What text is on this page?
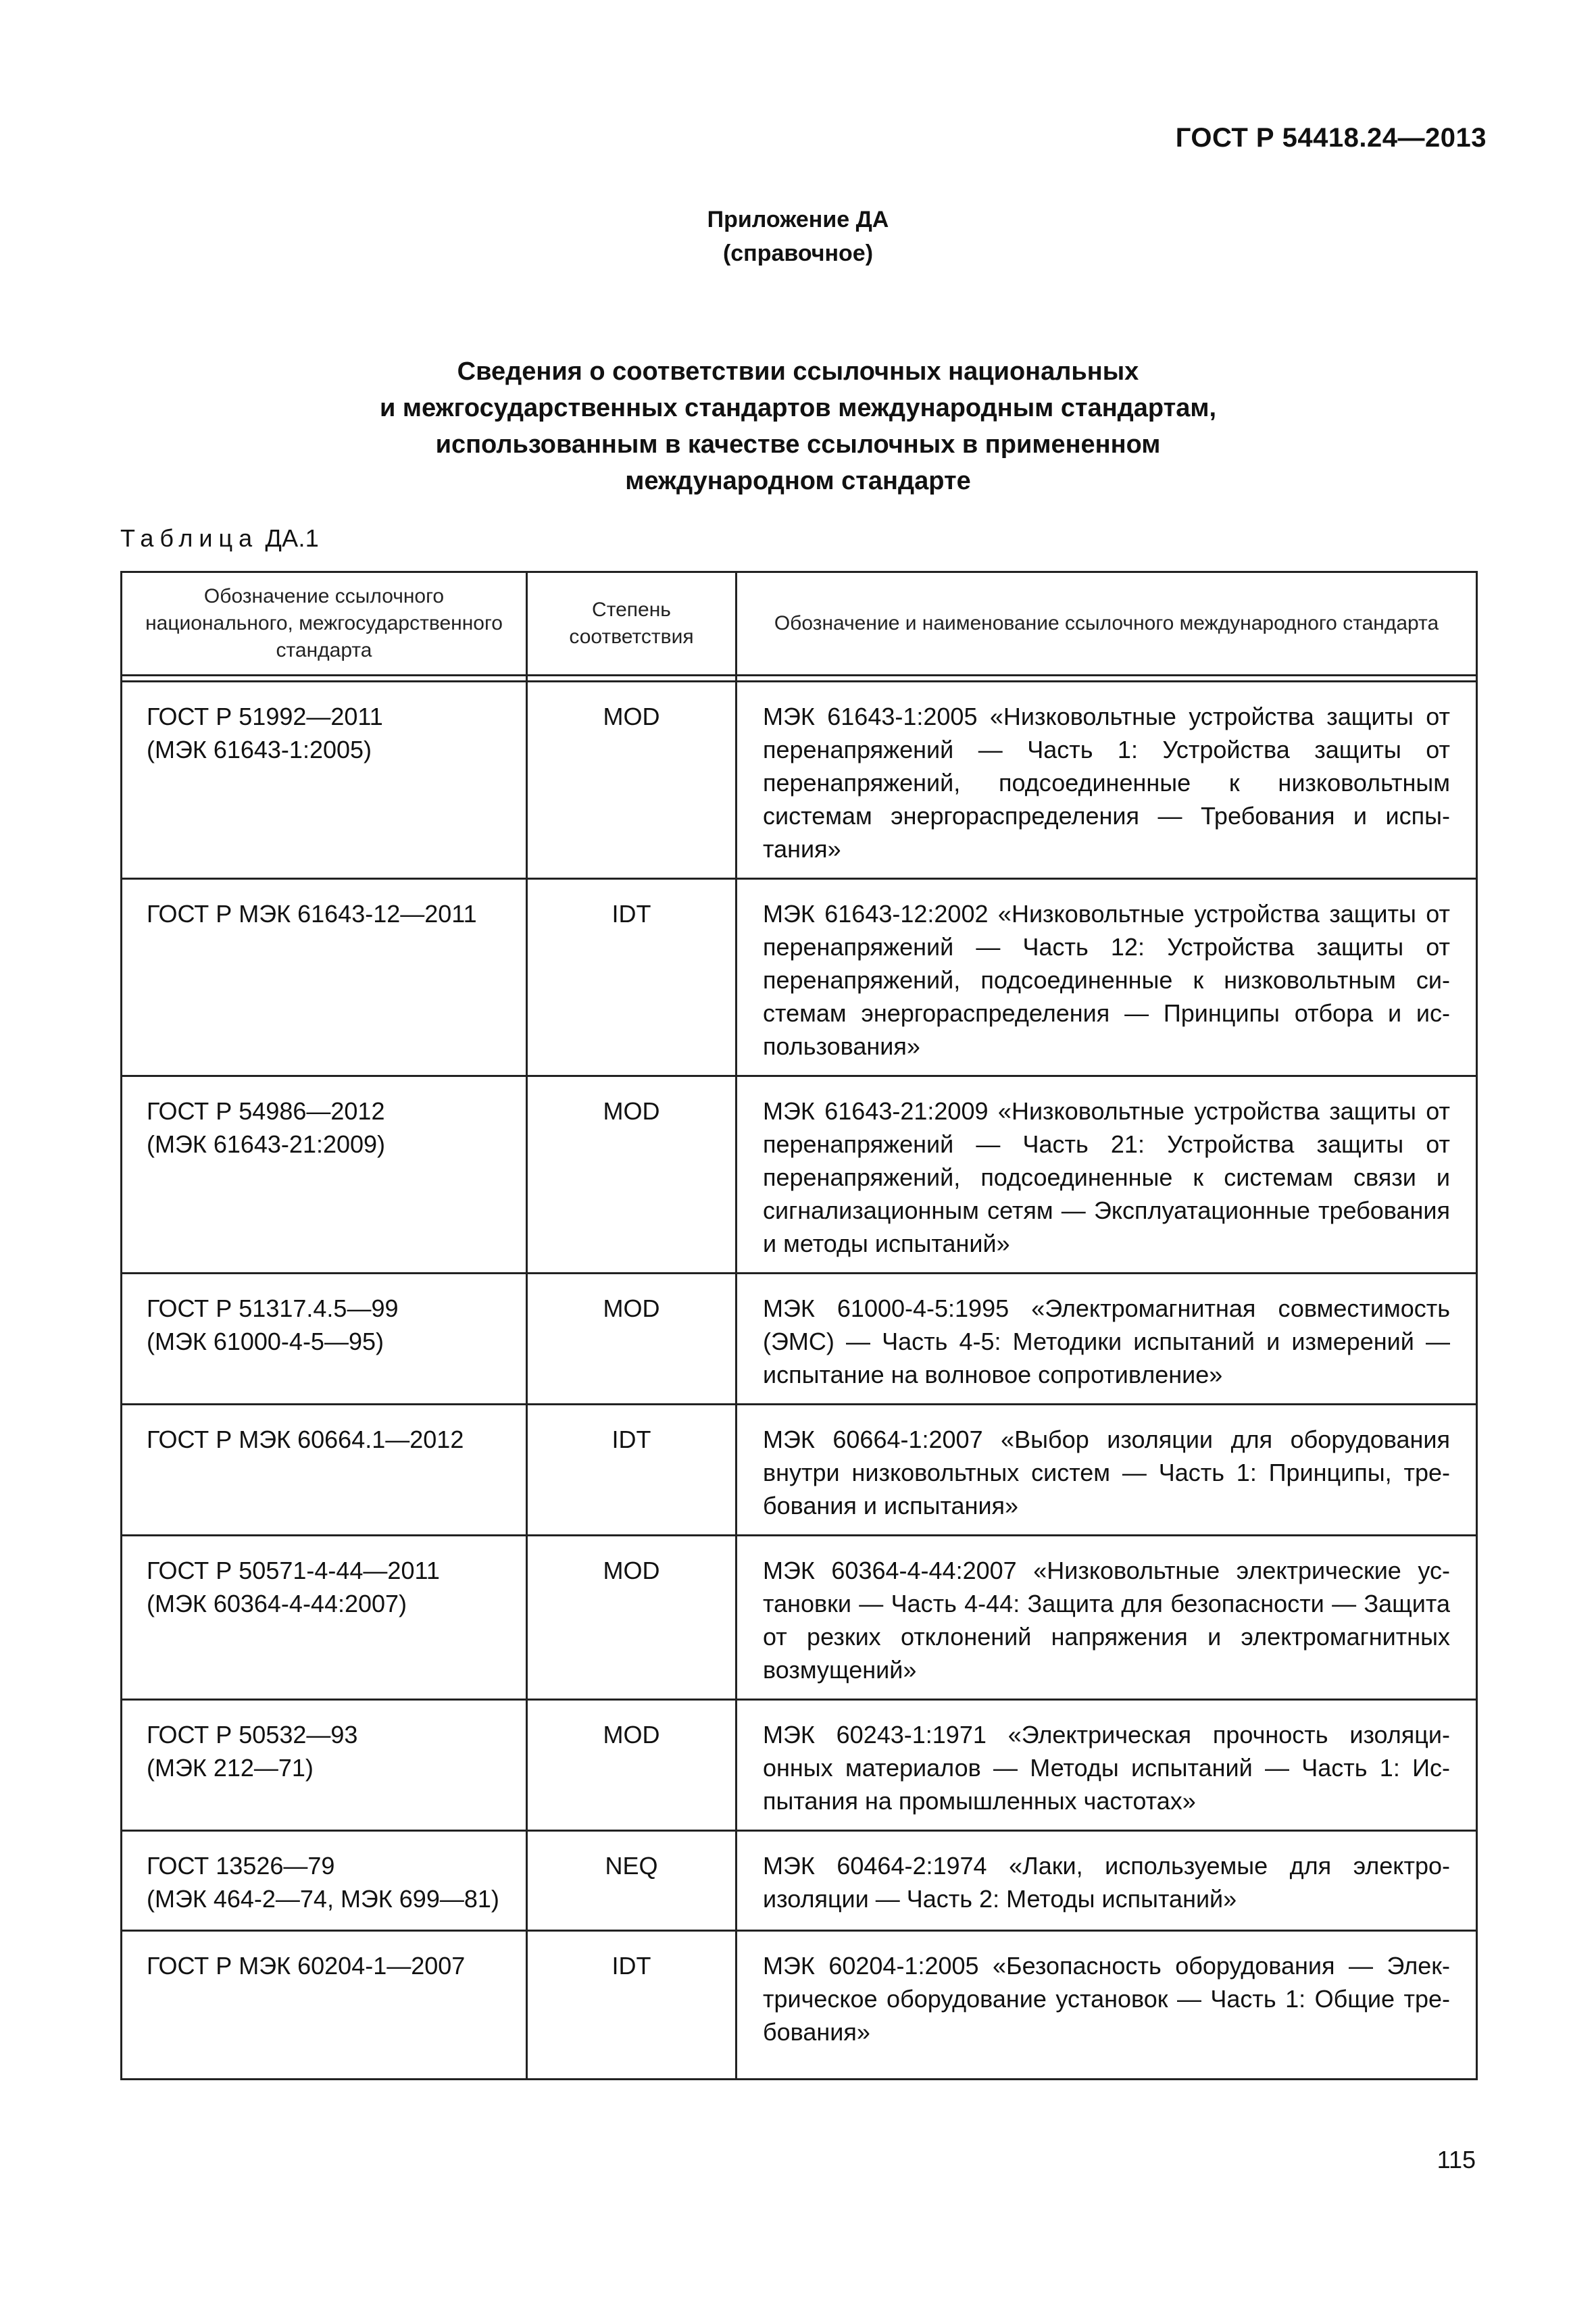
ГОСТ Р 54418.24—2013
Приложение ДА
(справочное)
Сведения о соответствии ссылочных национальных
и межгосударственных стандартов международным стандартам,
использованным в качестве ссылочных в примененном
международном стандарте
Таблица ДА.1
Обозначение ссылочного национального, межгосударственного стандарта	Степень соответствия	Обозначение и наименование ссылочного международного стандарта

ГОСТ Р 51992—2011
(МЭК 61643-1:2005)	MOD	МЭК 61643-1:2005 «Низковольтные устройства защиты от перенапряжений — Часть 1: Устройства защиты от перенапряжений, подсоединенные к низковольтным системам энергораспределения — Требования и испытания»

ГОСТ Р МЭК 61643-12—2011	IDT	МЭК 61643-12:2002 «Низковольтные устройства защиты от перенапряжений — Часть 12: Устройства защиты от перенапряжений, подсоединенные к низковольтным системам энергораспределения — Принципы отбора и использования»

ГОСТ Р 54986—2012
(МЭК 61643-21:2009)	MOD	МЭК 61643-21:2009 «Низковольтные устройства защиты от перенапряжений — Часть 21: Устройства защиты от перенапряжений, подсоединенные к системам связи и сигнализационным сетям — Эксплуатационные требования и методы испытаний»

ГОСТ Р 51317.4.5—99
(МЭК 61000-4-5—95)	MOD	МЭК 61000-4-5:1995 «Электромагнитная совместимость (ЭМС) — Часть 4-5: Методики испытаний и измерений — испытание на волновое сопротивление»

ГОСТ Р МЭК 60664.1—2012	IDT	МЭК 60664-1:2007 «Выбор изоляции для оборудования внутри низковольтных систем — Часть 1: Принципы, требования и испытания»

ГОСТ Р 50571-4-44—2011
(МЭК 60364-4-44:2007)	MOD	МЭК 60364-4-44:2007 «Низковольтные электрические установки — Часть 4-44: Защита для безопасности — Защита от резких отклонений напряжения и электромагнитных возмущений»

ГОСТ Р 50532—93
(МЭК 212—71)	MOD	МЭК 60243-1:1971 «Электрическая прочность изоляционных материалов — Методы испытаний — Часть 1: Испытания на промышленных частотах»

ГОСТ 13526—79
(МЭК 464-2—74, МЭК 699—81)	NEQ	МЭК 60464-2:1974 «Лаки, используемые для электроизоляции — Часть 2: Методы испытаний»

ГОСТ Р МЭК 60204-1—2007	IDT	МЭК 60204-1:2005 «Безопасность оборудования — Электрическое оборудование установок — Часть 1: Общие требования»
115
